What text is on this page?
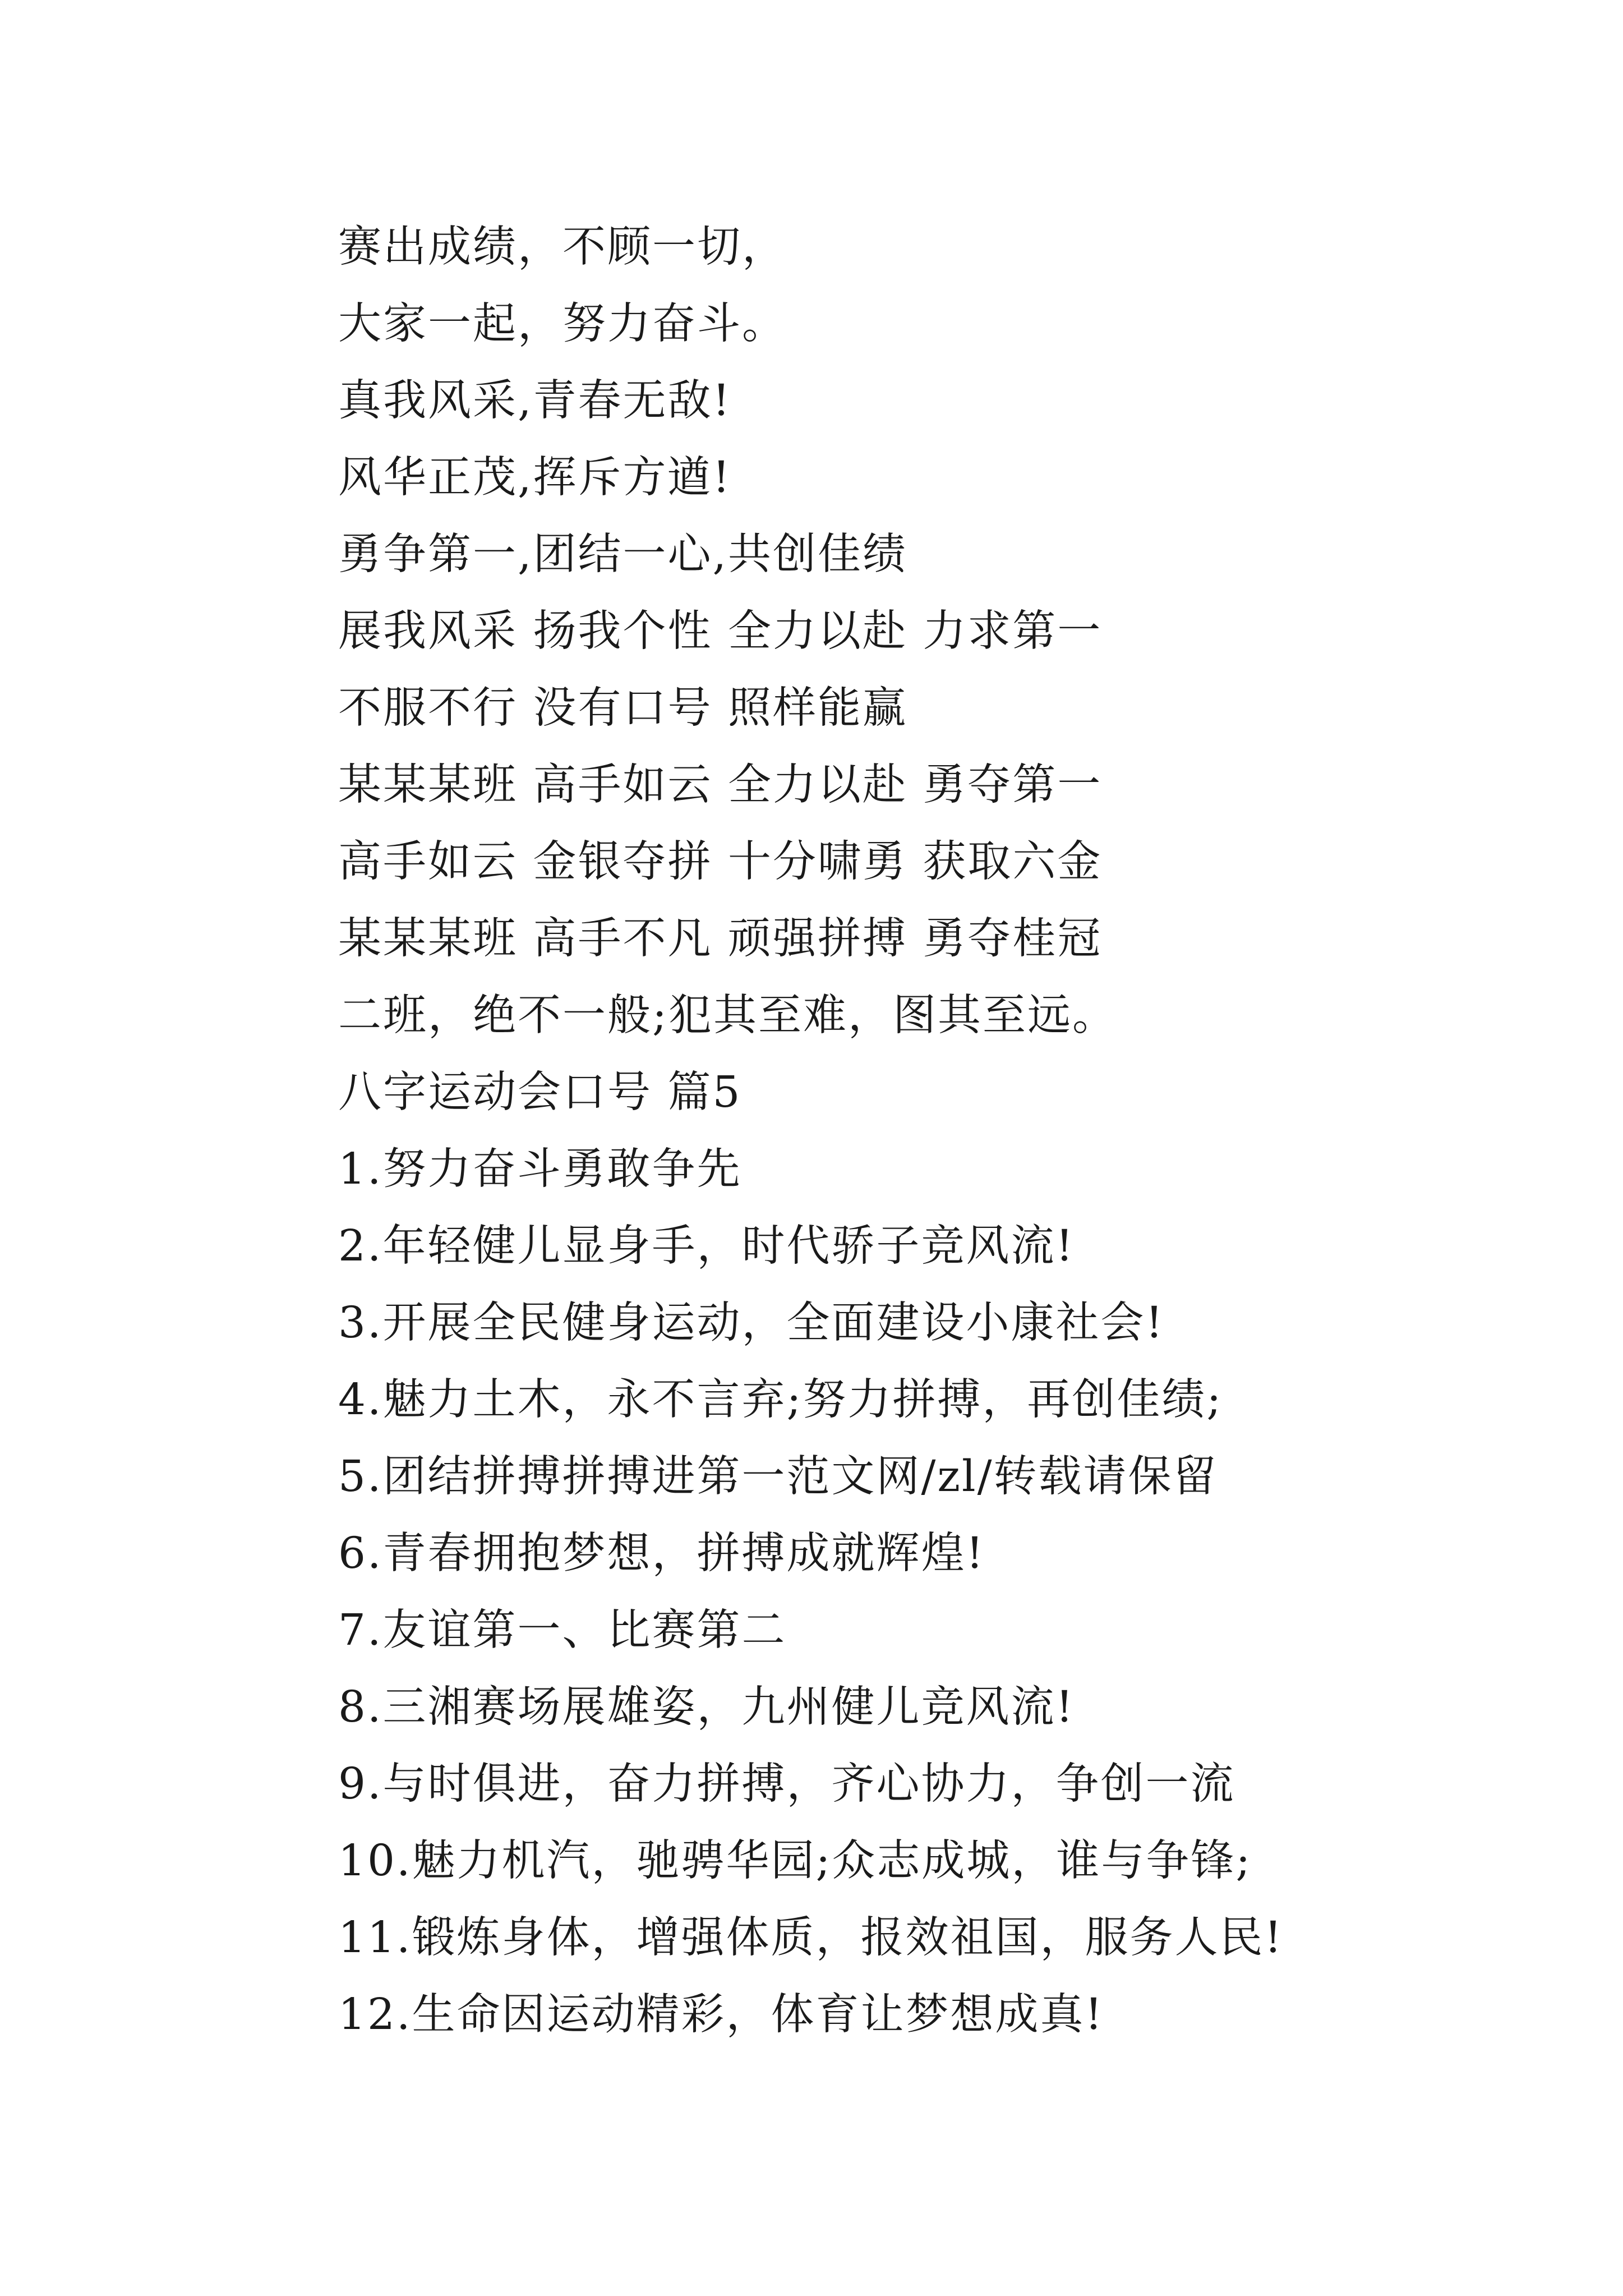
赛出成绩，不顾一切，
大家一起，努力奋斗。
真我风采,青春无敌!
风华正茂,挥斥方遒!
勇争第一,团结一心,共创佳绩
展我风采 扬我个性 全力以赴 力求第一
不服不行 没有口号 照样能赢
某某某班 高手如云 全力以赴 勇夺第一
高手如云 金银夺拼 十分啸勇 获取六金
某某某班 高手不凡 顽强拼搏 勇夺桂冠
二班，绝不一般;犯其至难，图其至远。
八字运动会口号 篇5
1.努力奋斗勇敢争先
2.年轻健儿显身手，时代骄子竞风流!
3.开展全民健身运动，全面建设小康社会!
4.魅力土木，永不言弃;努力拼搏，再创佳绩;
5.团结拼搏拼搏进第一范文网/zl/转载请保留
6.青春拥抱梦想，拼搏成就辉煌!
7.友谊第一、比赛第二
8.三湘赛场展雄姿，九州健儿竞风流!
9.与时俱进，奋力拼搏，齐心协力，争创一流
10.魅力机汽，驰骋华园;众志成城，谁与争锋;
11.锻炼身体，增强体质，报效祖国，服务人民!
12.生命因运动精彩，体育让梦想成真!
